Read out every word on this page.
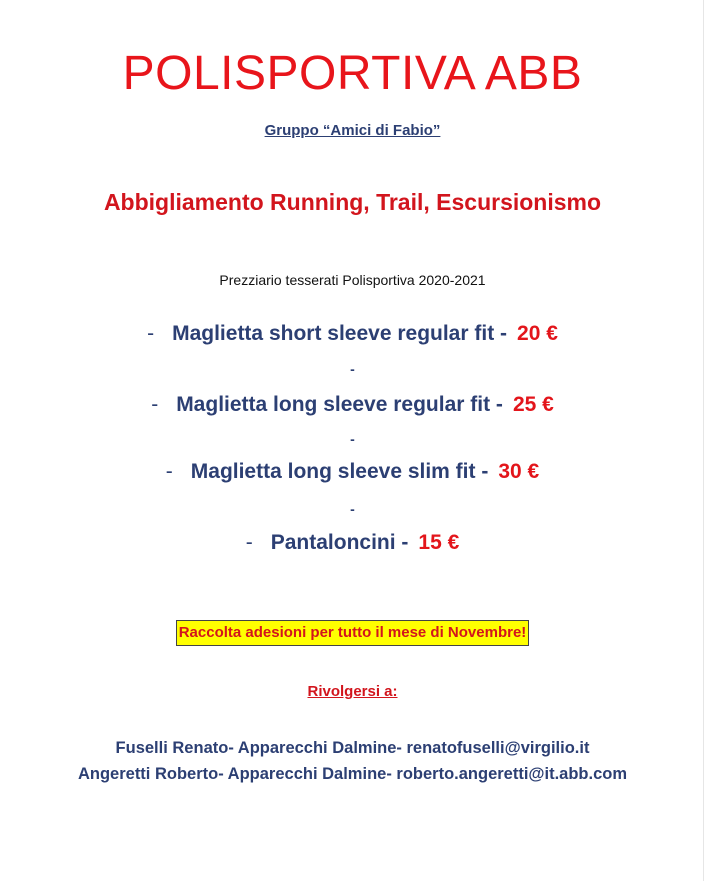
POLISPORTIVA ABB
Gruppo “Amici di Fabio”
Abbigliamento Running, Trail, Escursionismo
Prezziario tesserati Polisportiva 2020-2021
- Maglietta short sleeve regular fit - 20 €
-
- Maglietta long sleeve regular fit - 25 €
-
- Maglietta long sleeve slim fit - 30 €
-
- Pantaloncini - 15 €
Raccolta adesioni per tutto il mese di Novembre!
Rivolgersi a:
Fuselli Renato- Apparecchi Dalmine- renatofuselli@virgilio.it
Angeretti Roberto- Apparecchi Dalmine- roberto.angeretti@it.abb.com
